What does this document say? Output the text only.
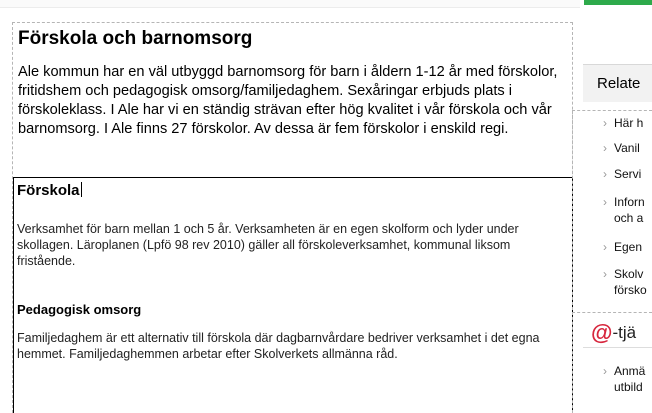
Förskola och barnomsorg

Ale kommun har en väl utbyggd barnomsorg för barn i åldern 1-12 år med förskolor, fritidshem och pedagogisk omsorg/familjedaghem. Sexåringar erbjuds plats i förskoleklass. I Ale har vi en ständig strävan efter hög kvalitet i vår förskola och vår barnomsorg. I Ale finns 27 förskolor. Av dessa är fem förskolor i enskild regi.

Förskola

Verksamhet för barn mellan 1 och 5 år. Verksamheten är en egen skolform och lyder under skollagen. Läroplanen (Lpfö 98 rev 2010) gäller all förskoleverksamhet, kommunal liksom fristående.

Pedagogisk omsorg

Familjedaghem är ett alternativ till förskola där dagbarnvårdare bedriver verksamhet i det egna hemmet. Familjedaghemmen arbetar efter Skolverkets allmänna råd.

Relate
› Här h
› Vanil
› Servi
› Inforn
och a
› Egen
› Skolv
försko
@-tjä
› Anmä
utbild
